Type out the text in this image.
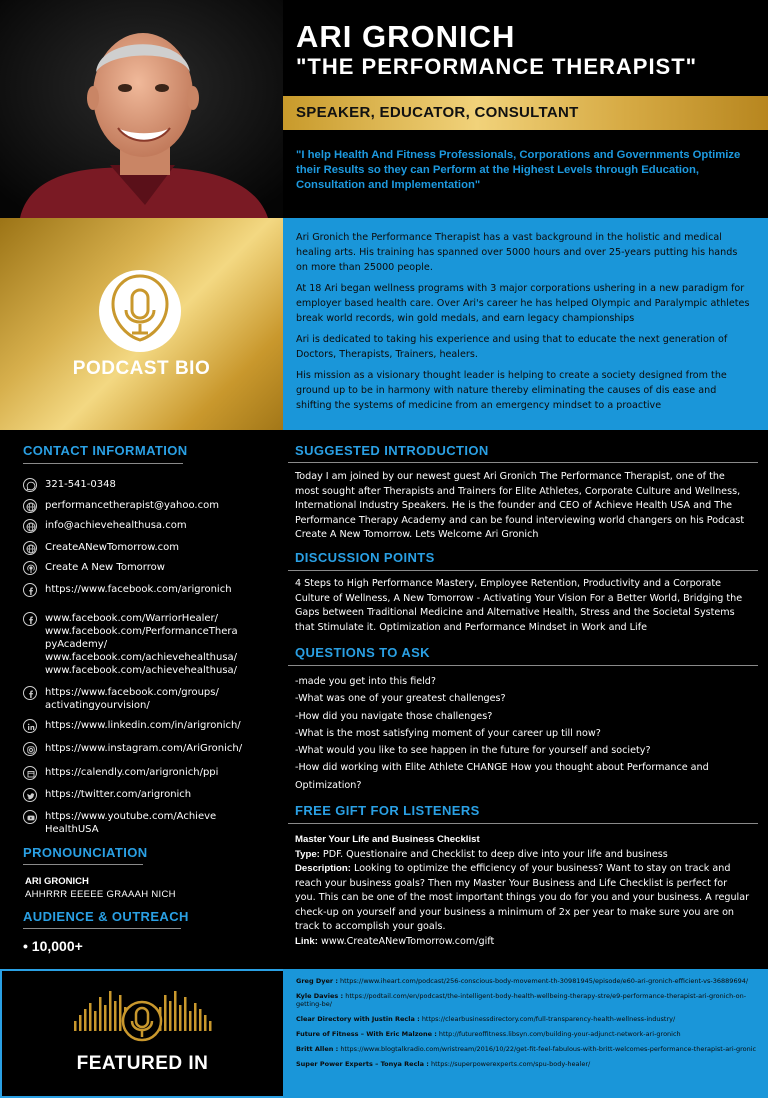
ARI GRONICH
"THE PERFORMANCE THERAPIST"
SPEAKER, EDUCATOR, CONSULTANT
"I help Health And Fitness Professionals, Corporations and Governments Optimize their Results so they can Perform at the Highest Levels through Education, Consultation and Implementation"
PODCAST BIO

Ari Gronich the Performance Therapist has a vast background in the holistic and medical healing arts. His training has spanned over 5000 hours and over 25-years putting his hands on more than 25000 people.

At 18 Ari began wellness programs with 3 major corporations ushering in a new paradigm for employer based health care. Over Ari's career he has helped Olympic and Paralympic athletes break world records, win gold medals, and earn legacy championships

Ari is dedicated to taking his experience and using that to educate the next generation of Doctors, Therapists, Trainers, healers.

His mission as a visionary thought leader is helping to create a society designed from the ground up to be in harmony with nature thereby eliminating the causes of dis ease and shifting the systems of medicine from an emergency mindset to a proactive

CONTACT INFORMATION
321-541-0348
performancetherapist@yahoo.com
info@achievehealthusa.com
CreateANewTomorrow.com
Create A New Tomorrow
https://www.facebook.com/arigronich
www.facebook.com/WarriorHealer/
www.facebook.com/PerformanceThera
pyAcademy/
www.facebook.com/achievehealthusa/
www.facebook.com/achievehealthusa/
https://www.facebook.com/groups/
activatingyourvision/
https://www.linkedin.com/in/arigronich/
https://www.instagram.com/AriGronich/
https://calendly.com/arigronich/ppi
https://twitter.com/arigronich
https://www.youtube.com/Achieve
HealthUSA
PRONOUNCIATION
ARI GRONICH
AHHRRR EEEEE GRAAAH NICH
AUDIENCE & OUTREACH
• 10,000+
SUGGESTED INTRODUCTION
Today I am joined by our newest guest Ari Gronich The Performance Therapist, one of the most sought after Therapists and Trainers for Elite Athletes, Corporate Culture and Wellness, International Industry Speakers. He is the founder and CEO of Achieve Health USA and The Performance Therapy Academy and can be found interviewing world changers on his Podcast Create A New Tomorrow. Lets Welcome Ari Gronich
DISCUSSION POINTS
4 Steps to High Performance Mastery, Employee Retention, Productivity and a Corporate Culture of Wellness, A New Tomorrow - Activating Your Vision For a Better World, Bridging the Gaps between Traditional Medicine and Alternative Health, Stress and the Societal Systems that Stimulate it. Optimization and Performance Mindset in Work and Life
QUESTIONS TO ASK
-made you get into this field?
-What was one of your greatest challenges?
-How did you navigate those challenges?
-What is the most satisfying moment of your career up till now?
-What would you like to see happen in the future for yourself and society?
-How did working with Elite Athlete CHANGE How you thought about Performance and Optimization?
FREE GIFT FOR LISTENERS
Master Your Life and Business Checklist
Type: PDF. Questionaire and Checklist to deep dive into your life and business
Description: Looking to optimize the efficiency of your business? Want to stay on track and reach your business goals? Then my Master Your Business and Life Checklist is perfect for you. This can be one of the most important things you do for you and your business. A regular check-up on yourself and your business a minimum of 2x per year to make sure you are on track to accomplish your goals.
Link: www.CreateANewTomorrow.com/gift
FEATURED IN
Greg Dyer : https://www.iheart.com/podcast/256-conscious-body-movement-th-30981945/episode/e60-ari-gronich-efficient-vs-36889694/
Kyle Davies : https://podtail.com/en/podcast/the-intelligent-body-health-wellbeing-therapy-stre/e9-performance-therapist-ari-gronich-on-getting-be/
Clear Directory with Justin Recla : https://clearbusinessdirectory.com/full-transparency-health-wellness-industry/
Future of Fitness – With Eric Malzone : http://futureoffitness.libsyn.com/building-your-adjunct-network-ari-gronich
Britt Allen : https://www.blogtalkradio.com/wristream/2016/10/22/get-fit-feel-fabulous-with-britt-welcomes-performance-therapist-ari-gronic
Super Power Experts – Tonya Recla : https://superpowerexperts.com/spu-body-healer/
